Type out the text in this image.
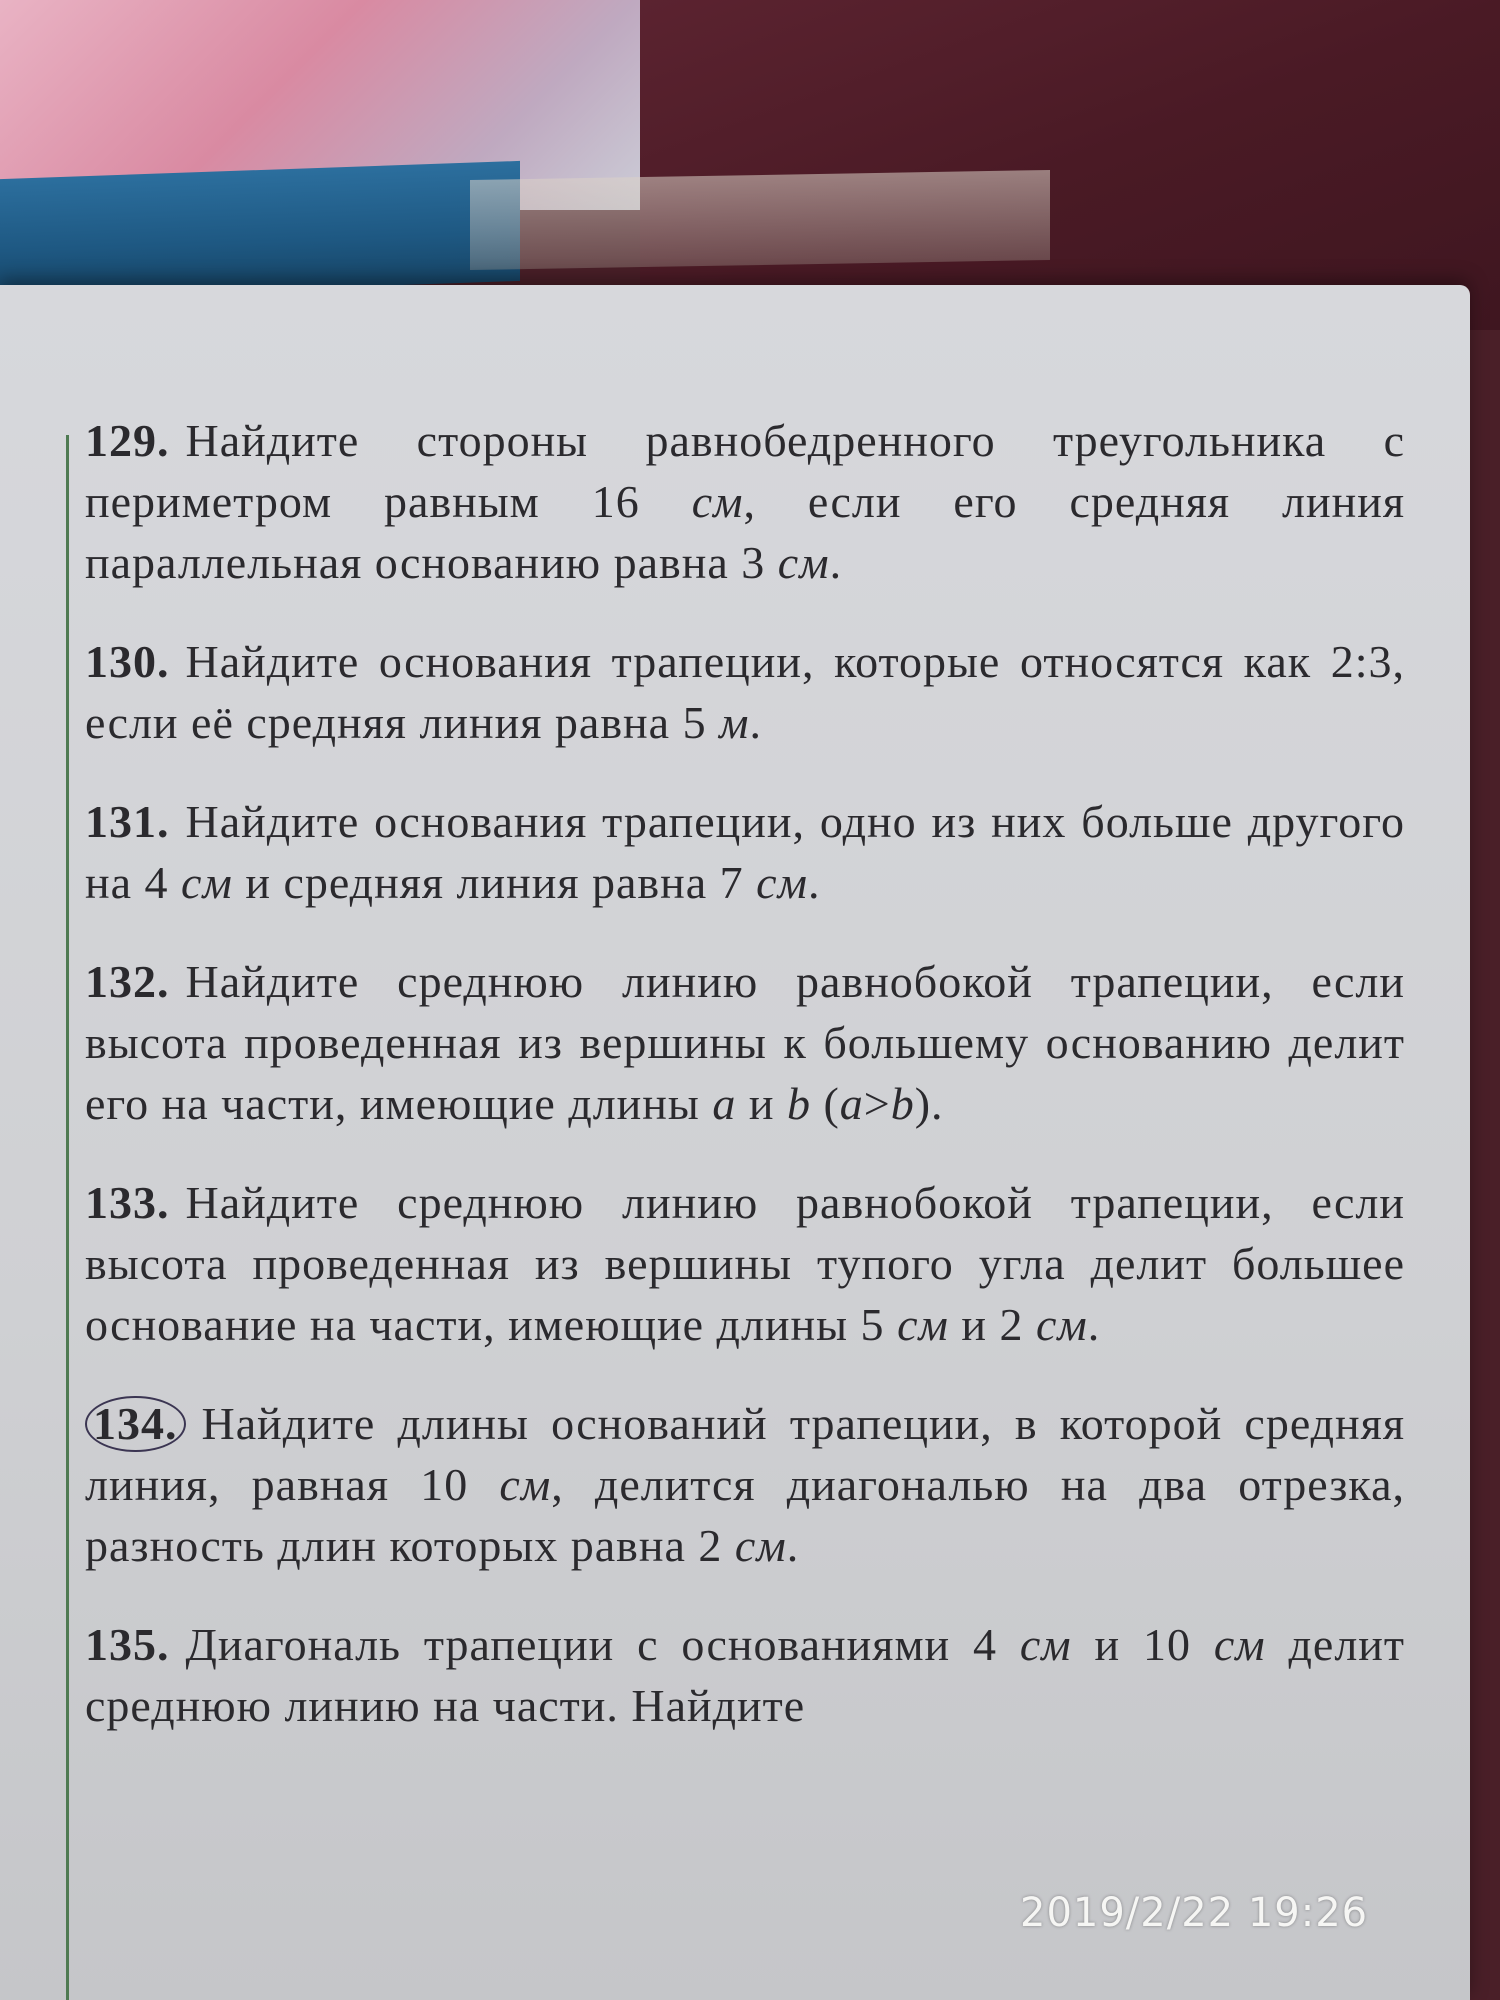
129. Найдите стороны равнобедренного треугольника с периметром равным 16 см, если его средняя линия параллельная основанию равна 3 см.

130. Найдите основания трапеции, которые относятся как 2:3, если её средняя линия равна 5 м.

131. Найдите основания трапеции, одно из них больше другого на 4 см и средняя линия равна 7 см.

132. Найдите среднюю линию равнобокой трапеции, если высота проведенная из вершины к большему основанию делит его на части, имеющие длины a и b (a>b).

133. Найдите среднюю линию равнобокой трапеции, если высота проведенная из вершины тупого угла делит большее основание на части, имеющие длины 5 см и 2 см.

134. Найдите длины оснований трапеции, в которой средняя линия, равная 10 см, делится диагональю на два отрезка, разность длин которых равна 2 см.

135. Диагональ трапеции с основаниями 4 см и 10 см делит среднюю линию на части. Найдите

2019/2/22 19:26
